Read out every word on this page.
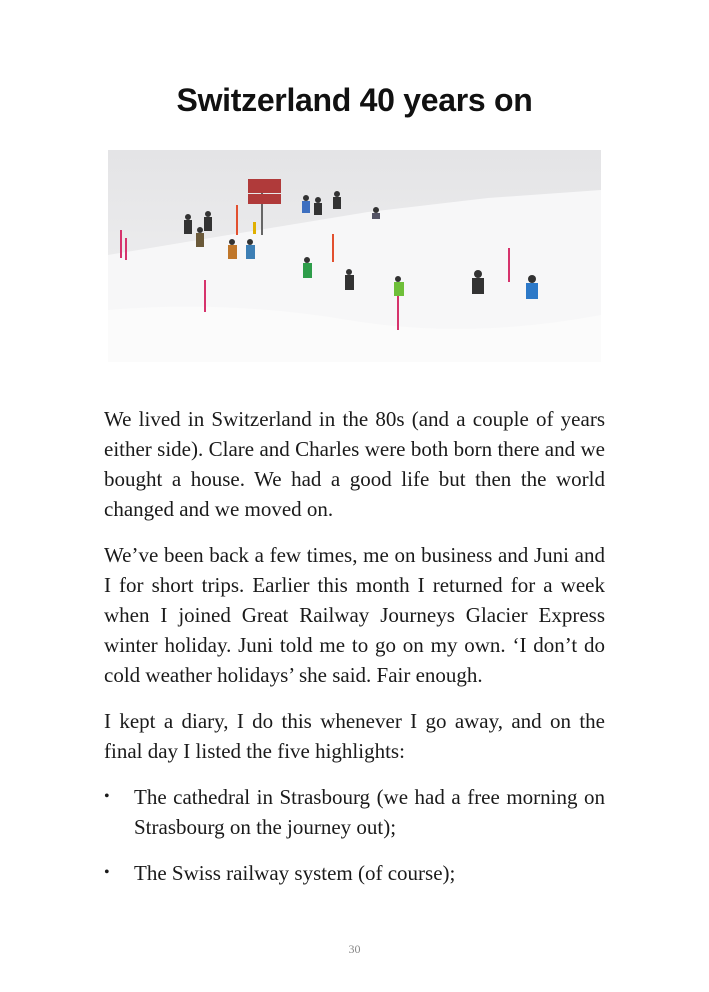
Switzerland 40 years on

We lived in Switzerland in the 80s (and a couple of years either side). Clare and Charles were both born there and we bought a house. We had a good life but then the world changed and we moved on.

We’ve been back a few times, me on business and Juni and I for short trips. Earlier this month I returned for a week when I joined Great Railway Journeys Glacier Express winter holiday. Juni told me to go on my own. ‘I don’t do cold weather holidays’ she said. Fair enough.

I kept a diary, I do this whenever I go away, and on the final day I listed the five highlights:

• The cathedral in Strasbourg (we had a free morning on Strasbourg on the journey out);
• The Swiss railway system (of course);
30
